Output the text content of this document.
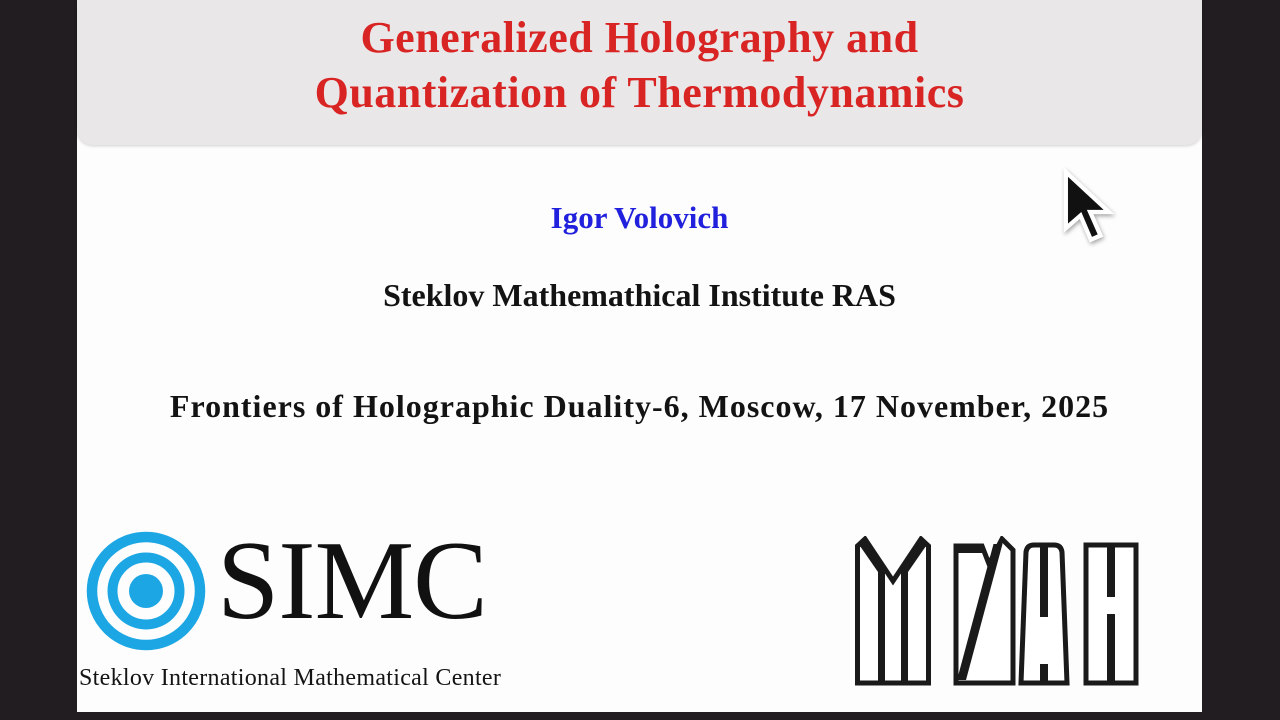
Generalized Holography and
Quantization of Thermodynamics
Igor Volovich
Steklov Mathemathical Institute RAS
Frontiers of Holographic Duality-6, Moscow, 17 November, 2025
SIMC
Steklov International Mathematical Center
